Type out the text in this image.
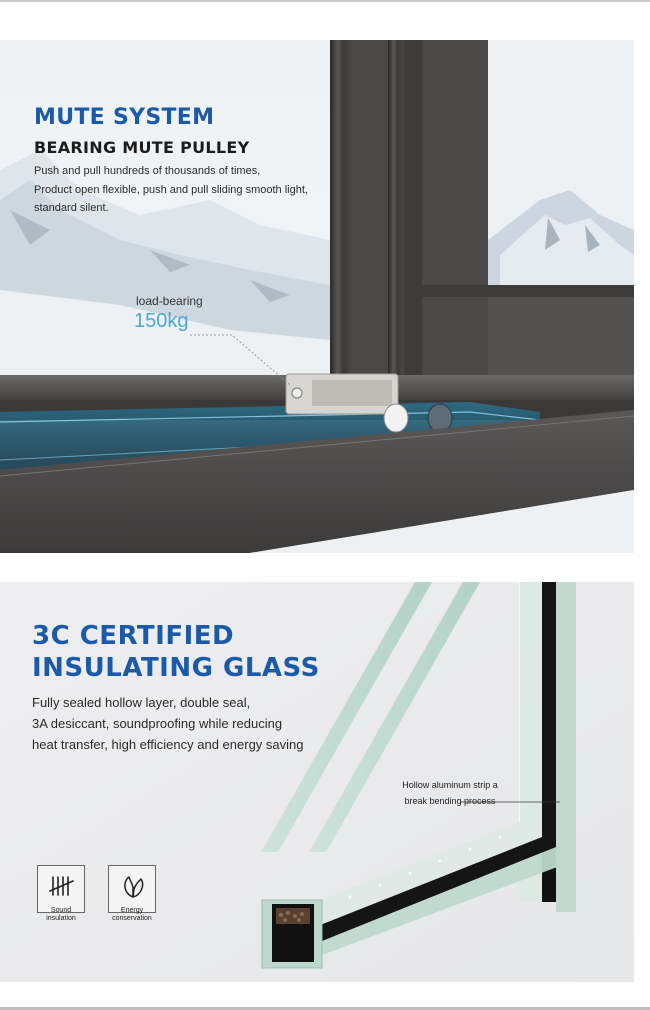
MUTE SYSTEM
BEARING MUTE PULLEY
Push and pull hundreds of thousands of times,
Product open flexible, push and pull sliding smooth light,
standard silent.
load-bearing
150kg
3C CERTIFIED
INSULATING GLASS
Fully sealed hollow layer, double seal,
3A desiccant, soundproofing while reducing
heat transfer, high efficiency and energy saving
Hollow aluminum strip a
break bending process
Sound
insulation
Energy
conservation
